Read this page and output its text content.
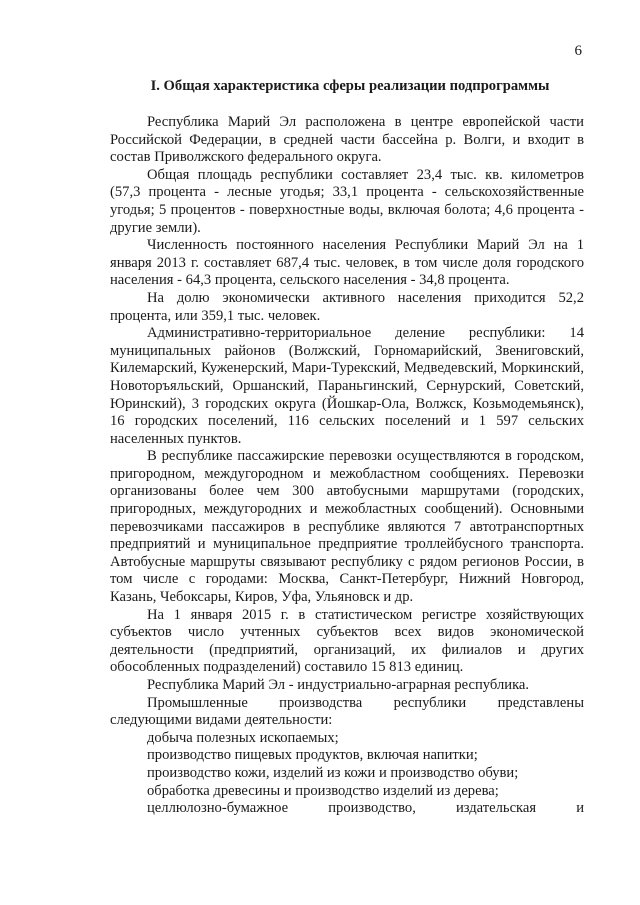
6
I. Общая характеристика сферы реализации подпрограммы

Республика Марий Эл расположена в центре европейской части Российской Федерации, в средней части бассейна р. Волги, и входит в состав Приволжского федерального округа.

Общая площадь республики составляет 23,4 тыс. кв. километров (57,3 процента - лесные угодья; 33,1 процента - сельскохозяйственные угодья; 5 процентов - поверхностные воды, включая болота; 4,6 процента - другие земли).

Численность постоянного населения Республики Марий Эл на 1 января 2013 г. составляет 687,4 тыс. человек, в том числе доля городского населения - 64,3 процента, сельского населения - 34,8 процента.

На долю экономически активного населения приходится 52,2 процента, или 359,1 тыс. человек.

Административно-территориальное деление республики: 14 муниципальных районов (Волжский, Горномарийский, Звениговский, Килемарский, Куженерский, Мари-Турекский, Медведевский, Моркинский, Новоторъяльский, Оршанский, Параньгинский, Сернурский, Советский, Юринский), 3 городских округа (Йошкар-Ола, Волжск, Козьмодемьянск), 16 городских поселений, 116 сельских поселений и 1 597 сельских населенных пунктов.

В республике пассажирские перевозки осуществляются в городском, пригородном, междугородном и межобластном сообщениях. Перевозки организованы более чем 300 автобусными маршрутами (городских, пригородных, междугородних и межобластных сообщений). Основными перевозчиками пассажиров в республике являются 7 автотранспортных предприятий и муниципальное предприятие троллейбусного транспорта. Автобусные маршруты связывают республику с рядом регионов России, в том числе с городами: Москва, Санкт-Петербург, Нижний Новгород, Казань, Чебоксары, Киров, Уфа, Ульяновск и др.

На 1 января 2015 г. в статистическом регистре хозяйствующих субъектов число учтенных субъектов всех видов экономической деятельности (предприятий, организаций, их филиалов и других обособленных подразделений) составило 15 813 единиц.

Республика Марий Эл - индустриально-аграрная республика.

Промышленные производства республики представлены следующими видами деятельности:

добыча полезных ископаемых;

производство пищевых продуктов, включая напитки;

производство кожи, изделий из кожи и производство обуви;

обработка древесины и производство изделий из дерева;

целлюлозно-бумажное производство, издательская и
